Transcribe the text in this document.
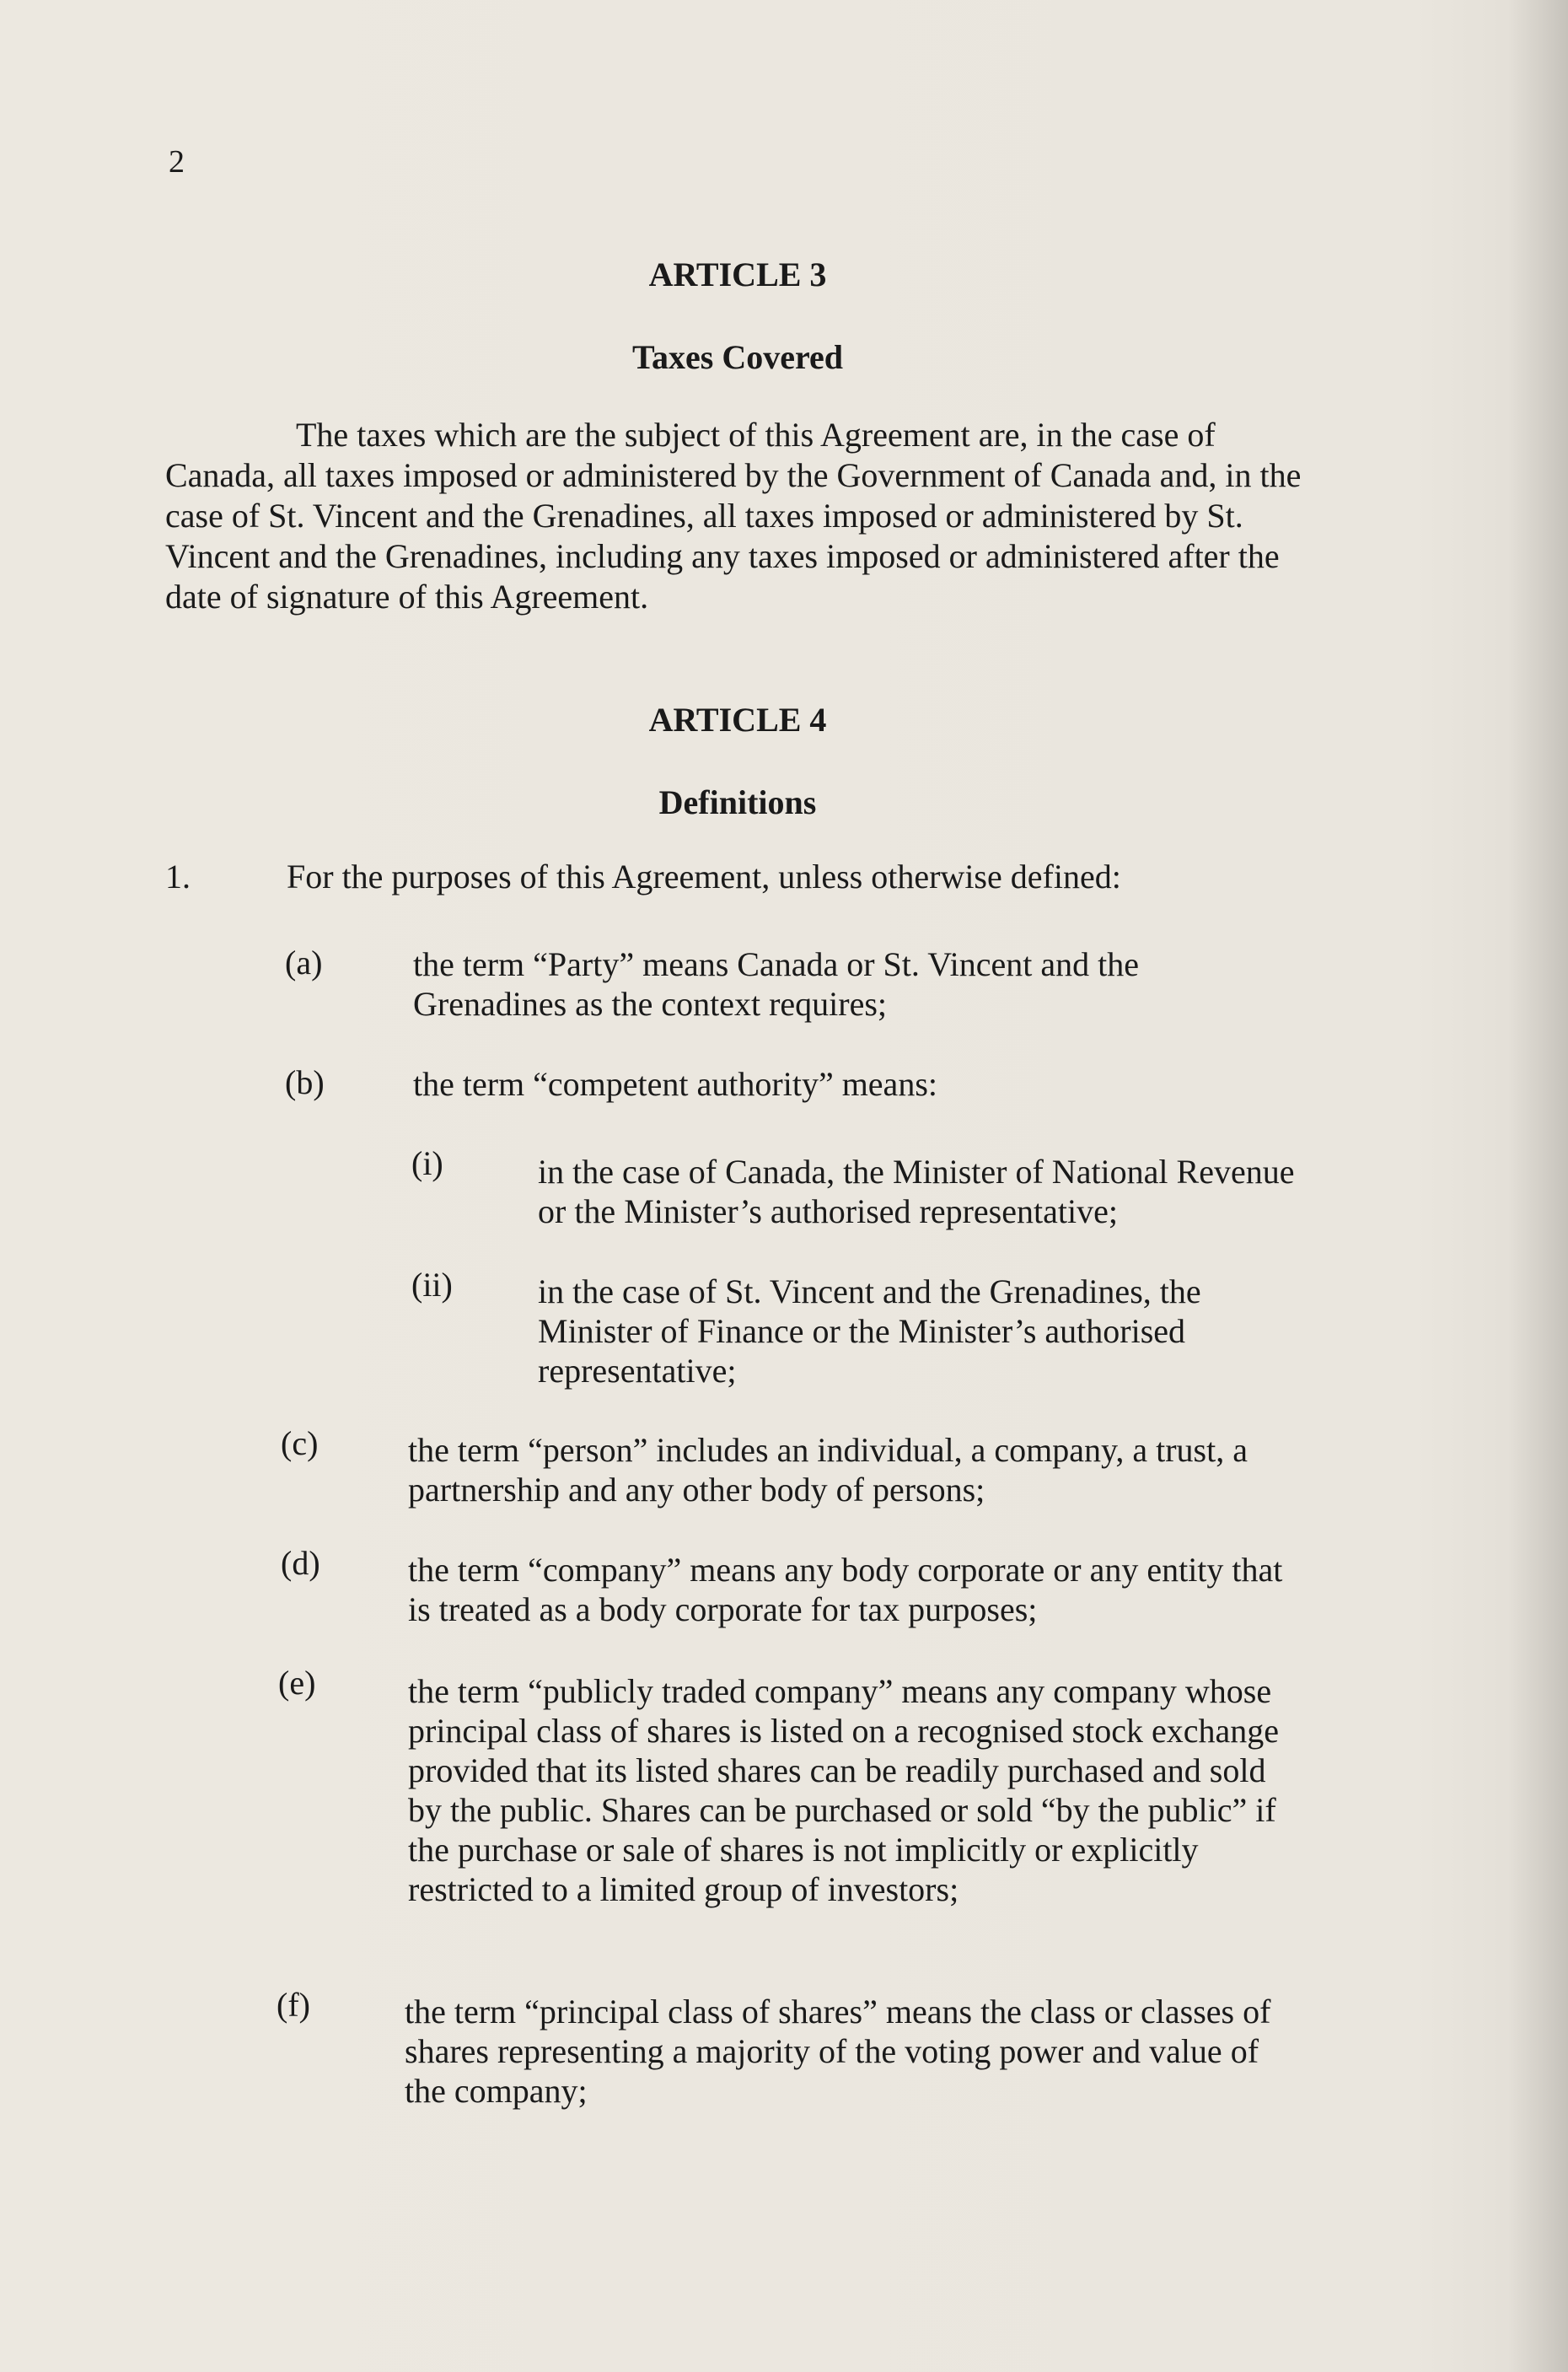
2
ARTICLE 3
Taxes Covered
The taxes which are the subject of this Agreement are, in the case of Canada, all taxes imposed or administered by the Government of Canada and, in the case of St. Vincent and the Grenadines, all taxes imposed or administered by St. Vincent and the Grenadines, including any taxes imposed or administered after the date of signature of this Agreement.
ARTICLE 4
Definitions
1.	For the purposes of this Agreement, unless otherwise defined:
(a)	the term “Party” means Canada or St. Vincent and the Grenadines as the context requires;
(b)	the term “competent authority” means:
(i)	in the case of Canada, the Minister of National Revenue or the Minister’s authorised representative;
(ii)	in the case of St. Vincent and the Grenadines, the Minister of Finance or the Minister’s authorised representative;
(c)	the term “person” includes an individual, a company, a trust, a partnership and any other body of persons;
(d)	the term “company” means any body corporate or any entity that is treated as a body corporate for tax purposes;
(e)	the term “publicly traded company” means any company whose principal class of shares is listed on a recognised stock exchange provided that its listed shares can be readily purchased and sold by the public. Shares can be purchased or sold “by the public” if the purchase or sale of shares is not implicitly or explicitly restricted to a limited group of investors;
(f)	the term “principal class of shares” means the class or classes of shares representing a majority of the voting power and value of the company;
